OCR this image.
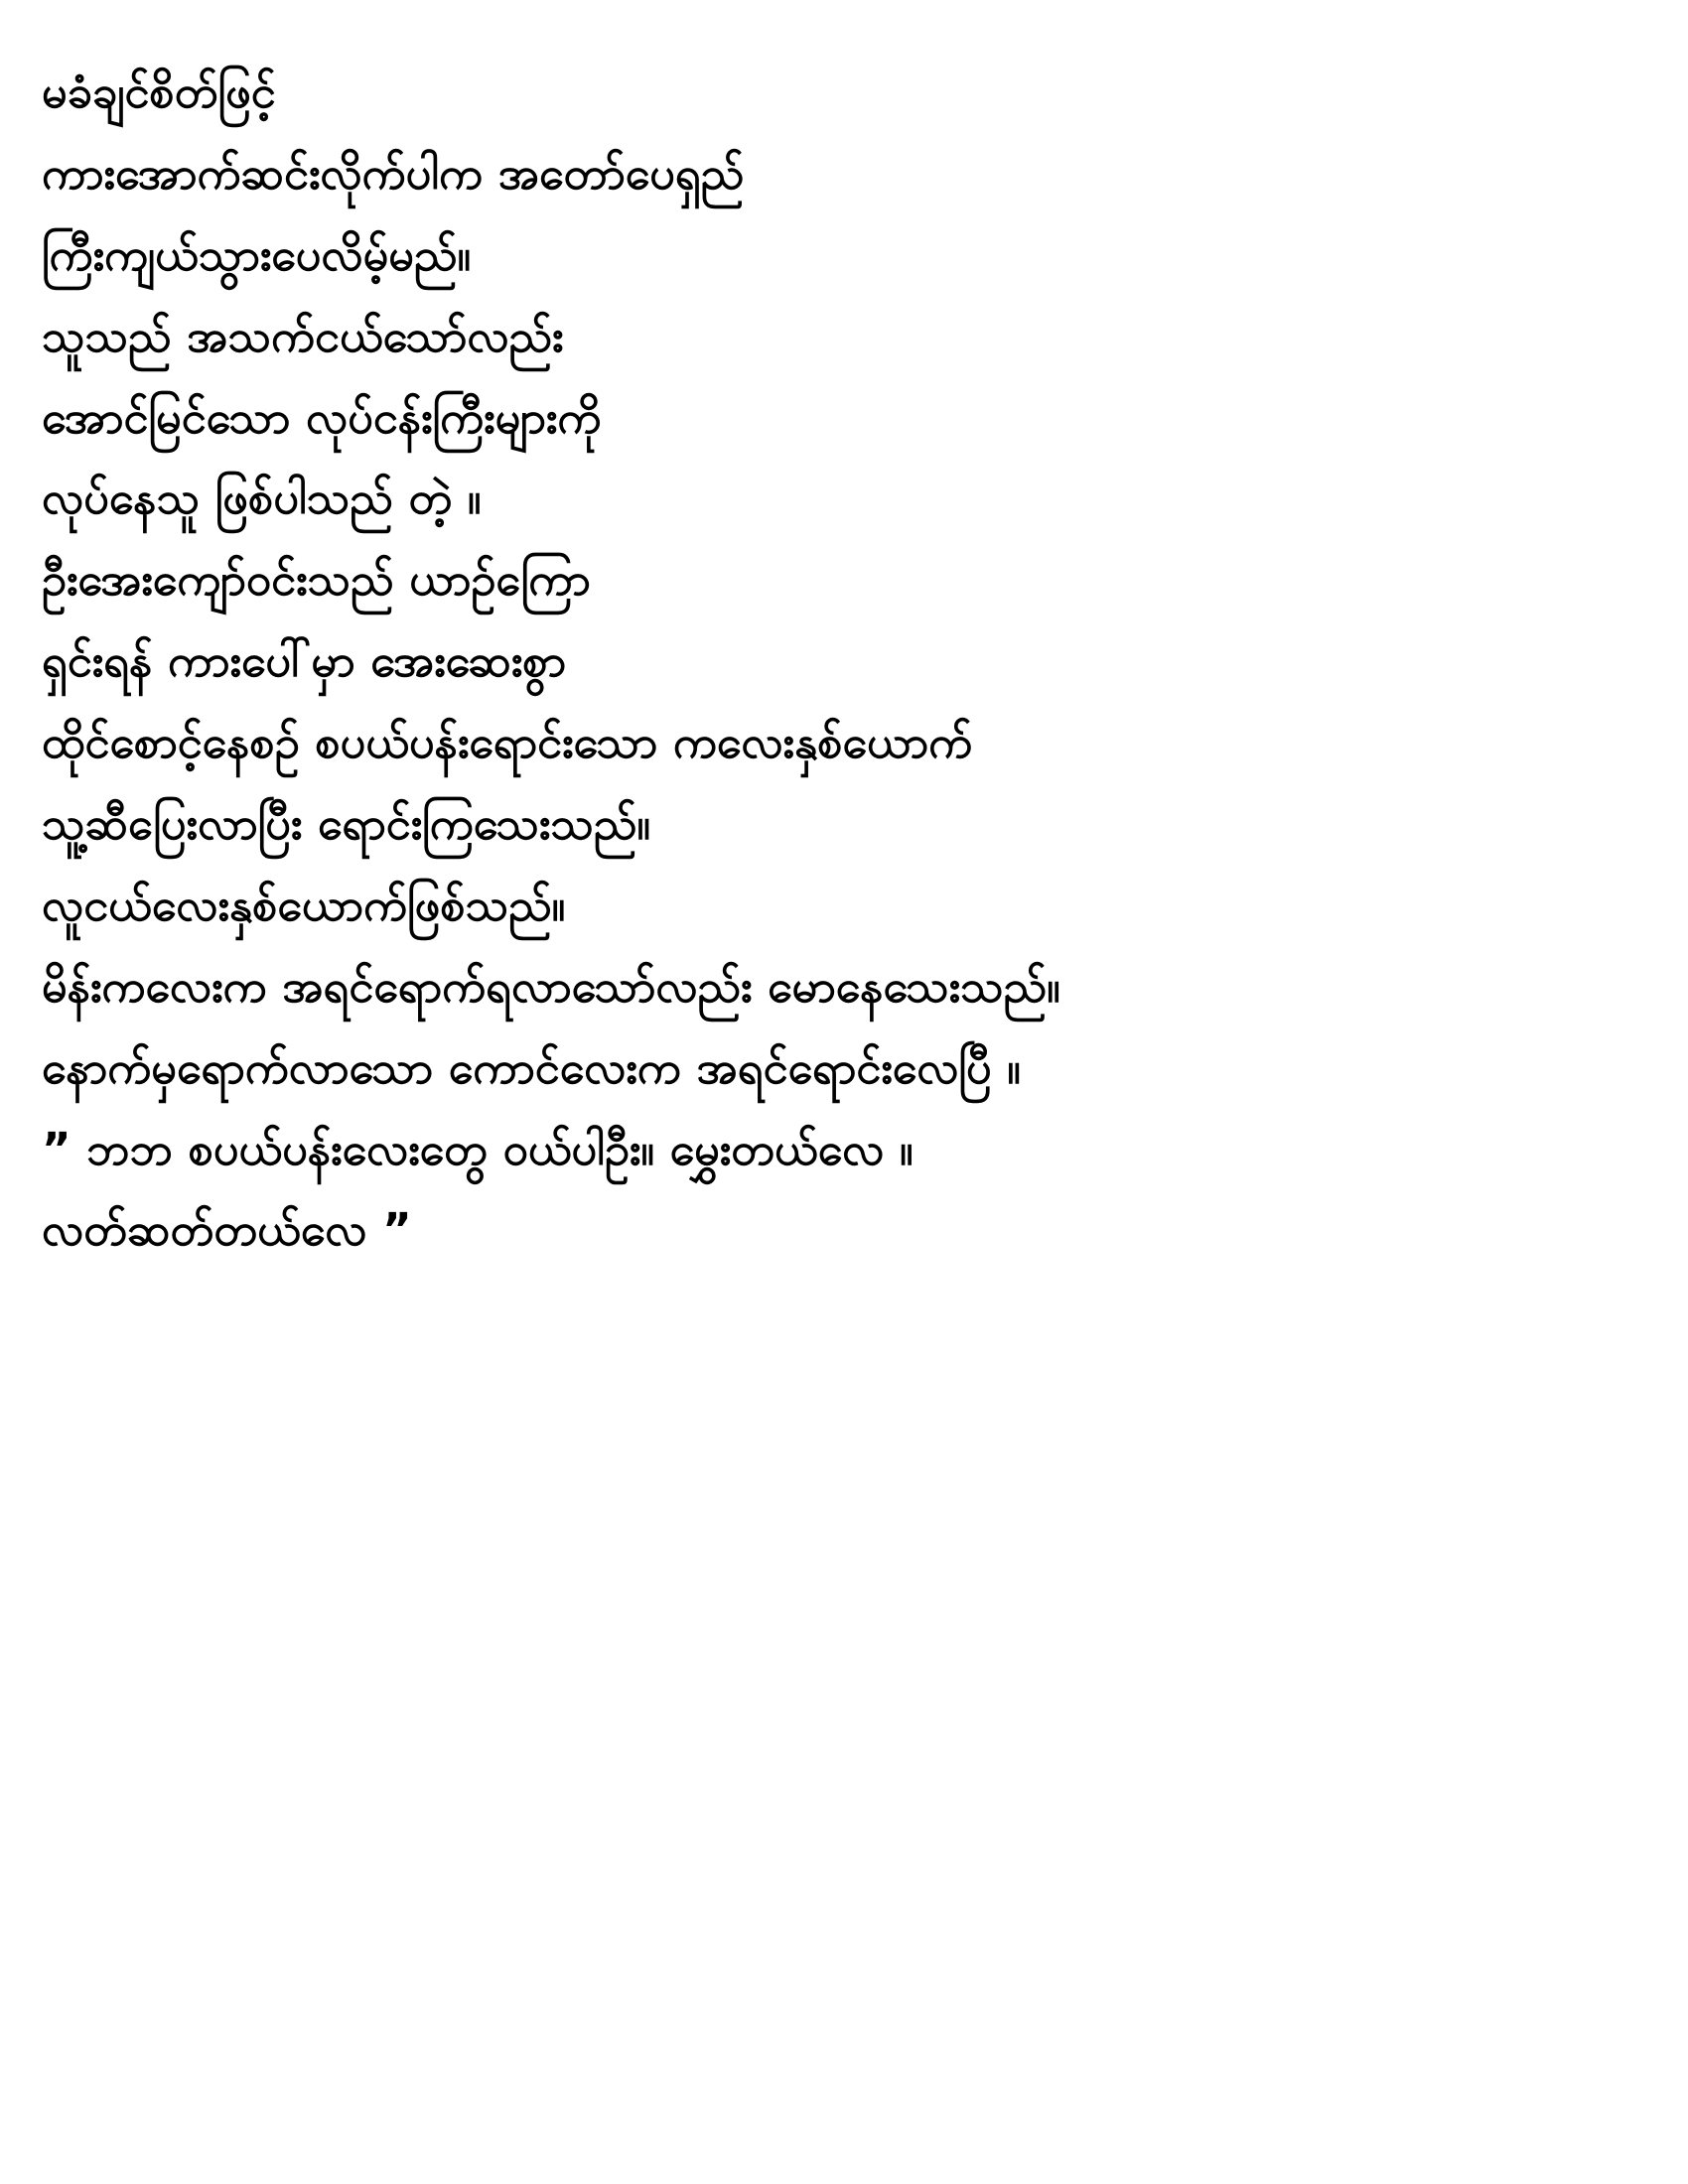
မခံချင်စိတ်ဖြင့်
ကားအောက်ဆင်းလိုက်ပါက အတော်ပေရှည်
ကြီးကျယ်သွားပေလိမ့်မည်။
သူသည် အသက်ငယ်သော်လည်း
အောင်မြင်သော လုပ်ငန်းကြီးများကို
လုပ်နေသူ ဖြစ်ပါသည် တဲ့ ။
ဦးအေးကျော်ဝင်းသည် ယာဉ်ကြော
ရှင်းရန် ကားပေါ်မှာ အေးဆေးစွာ
ထိုင်စောင့်နေစဉ် စပယ်ပန်းရောင်းသော ကလေးနှစ်ယောက်
သူ့ဆီပြေးလာပြီး ရောင်းကြသေးသည်။
လူငယ်လေးနှစ်ယောက်ဖြစ်သည်။
မိန်းကလေးက အရင်ရောက်ရလာသော်လည်း မောနေသေးသည်။
နောက်မှရောက်လာသော ကောင်လေးက အရင်ရောင်းလေပြီ ။
” ဘဘ စပယ်ပန်းလေးတွေ ဝယ်ပါဦး။ မွှေးတယ်လေ ။
လတ်ဆတ်တယ်လေ ”
